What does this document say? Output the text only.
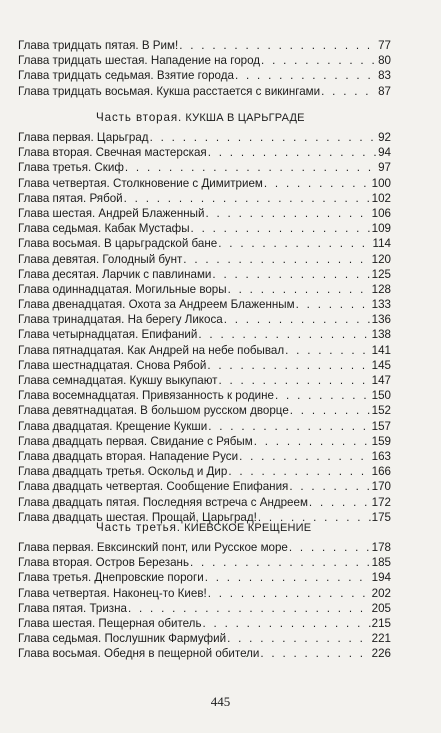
Глава тридцать пятая. В Рим! . . .	77
Глава тридцать шестая. Нападение на город . . .	80
Глава тридцать седьмая. Взятие города . . .	83
Глава тридцать восьмая. Кукша расстается с викингами . . .	87
Часть вторая. КУКША В ЦАРЬГРАДЕ
Глава первая. Царьград . . .	92
Глава вторая. Свечная мастерская . . .	94
Глава третья. Скиф . . .	97
Глава четвертая. Столкновение с Димитрием . . .	100
Глава пятая. Рябой . . .	102
Глава шестая. Андрей Блаженный . . .	106
Глава седьмая. Кабак Мустафы . . .	109
Глава восьмая. В царьградской бане . . .	114
Глава девятая. Голодный бунт . . .	120
Глава десятая. Ларчик с павлинами . . .	125
Глава одиннадцатая. Могильные воры . . .	128
Глава двенадцатая. Охота за Андреем Блаженным . . .	133
Глава тринадцатая. На берегу Ликоса . . .	136
Глава четырнадцатая. Епифаний . . .	138
Глава пятнадцатая. Как Андрей на небе побывал . . .	141
Глава шестнадцатая. Снова Рябой . . .	145
Глава семнадцатая. Кукшу выкупают . . .	147
Глава восемнадцатая. Привязанность к родине . . .	150
Глава девятнадцатая. В большом русском дворце . . .	152
Глава двадцатая. Крещение Кукши . . .	157
Глава двадцать первая. Свидание с Рябым . . .	159
Глава двадцать вторая. Нападение Руси . . .	163
Глава двадцать третья. Оскольд и Дир . . .	166
Глава двадцать четвертая. Сообщение Епифания . . .	170
Глава двадцать пятая. Последняя встреча с Андреем . . .	172
Глава двадцать шестая. Прощай, Царьград! . . .	175
Часть третья. КИЕВСКОЕ КРЕЩЕНИЕ
Глава первая. Евксинский понт, или Русское море . . .	178
Глава вторая. Остров Березань . . .	185
Глава третья. Днепровские пороги . . .	194
Глава четвертая. Наконец-то Киев! . . .	202
Глава пятая. Тризна . . .	205
Глава шестая. Пещерная обитель . . .	215
Глава седьмая. Послушник Фармуфий . . .	221
Глава восьмая. Обедня в пещерной обители . . .	226
445
